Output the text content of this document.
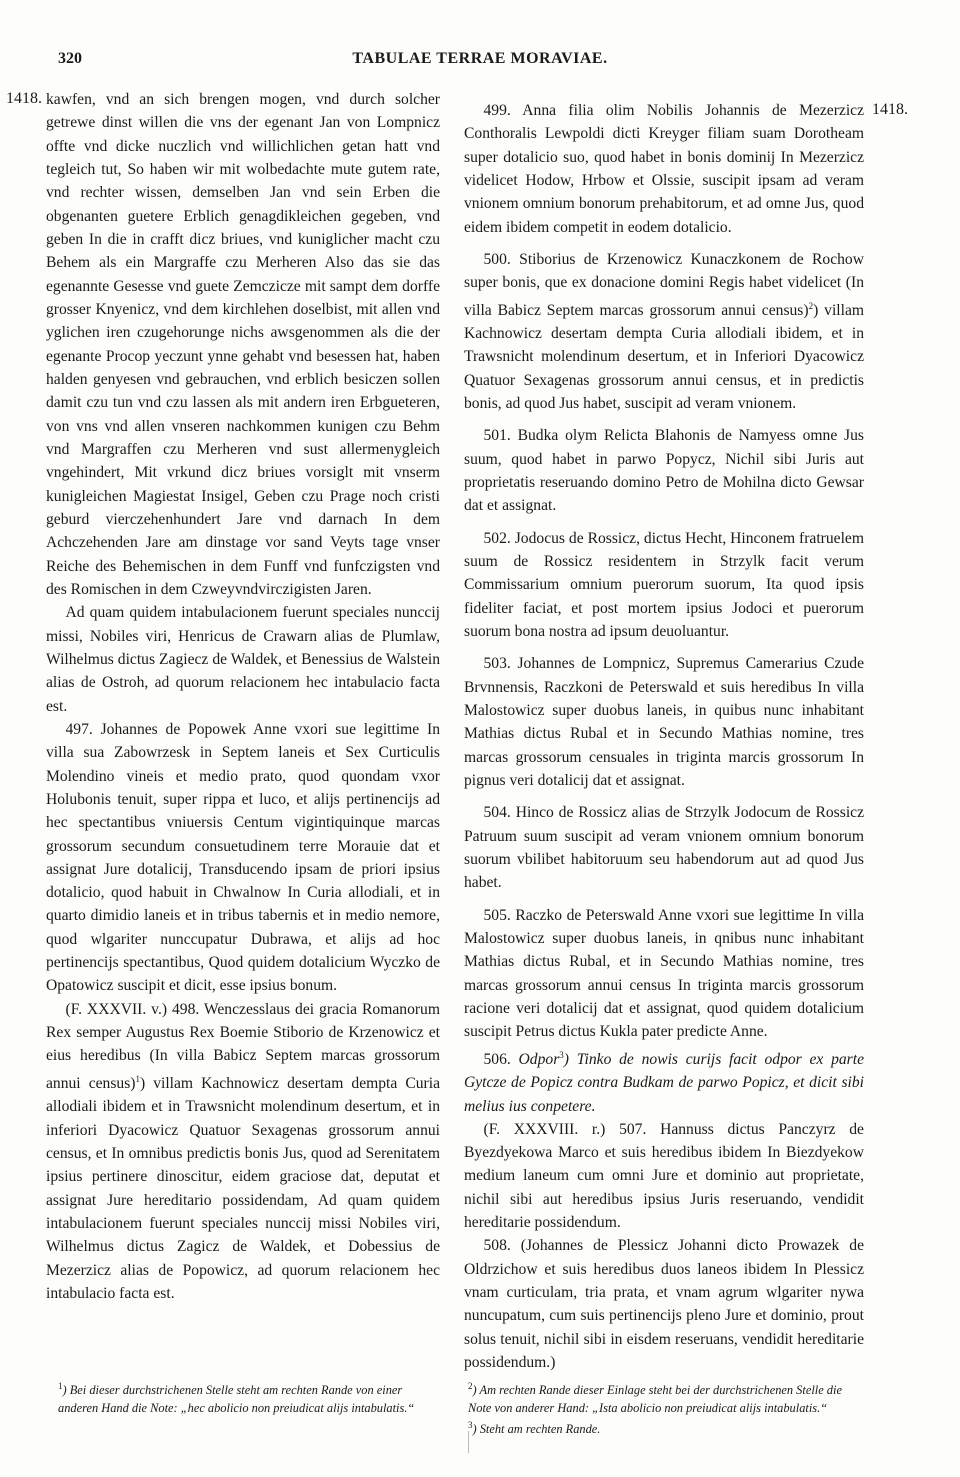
320	TABULAE TERRAE MORAVIAE.
1418.
1418.

kawfen, vnd an sich brengen mogen, vnd durch solcher getrewe dinst willen die vns der egenant Jan von Lompnicz offte vnd dicke nuczlich vnd willichlichen getan hatt vnd tegleich tut, So haben wir mit wolbedachte mute gutem rate, vnd rechter wissen, demselben Jan vnd sein Erben die obgenanten guetere Erblich genagdikleichen gegeben, vnd geben In die in crafft dicz briues, vnd kuniglicher macht czu Behem als ein Margraffe czu Merheren Also das sie das egenannte Gesesse vnd guete Zemczicze mit sampt dem dorffe grosser Knyenicz, vnd dem kirchlehen doselbist, mit allen vnd yglichen iren czugehorunge nichs awsgenommen als die der egenante Procop yeczunt ynne gehabt vnd besessen hat, haben halden genyesen vnd gebrauchen, vnd erblich besiczen sollen damit czu tun vnd czu lassen als mit andern iren Erbgueteren, von vns vnd allen vnseren nachkommen kunigen czu Behm vnd Margraffen czu Merheren vnd sust allermenygleich vngehindert, Mit vrkund dicz briues vorsiglt mit vnserm kunigleichen Magiestat Insigel, Geben czu Prage noch cristi geburd vierczehenhundert Jare vnd darnach In dem Achczehenden Jare am dinstage vor sand Veyts tage vnser Reiche des Behemischen in dem Funff vnd funfczigsten vnd des Romischen in dem Czweyvndvirczigisten Jaren.

Ad quam quidem intabulacionem fuerunt speciales nunccij missi, Nobiles viri, Henricus de Crawarn alias de Plumlaw, Wilhelmus dictus Zagiecz de Waldek, et Benessius de Walstein alias de Ostroh, ad quorum relacionem hec intabulacio facta est.

497. Johannes de Popowek Anne vxori sue legittime In villa sua Zabowrzesk in Septem laneis et Sex Curticulis Molendino vineis et medio prato, quod quondam vxor Holubonis tenuit, super rippa et luco, et alijs pertinencijs ad hec spectantibus vniuersis Centum vigintiquinque marcas grossorum secundum consuetudinem terre Morauie dat et assignat Jure dotalicij, Transducendo ipsam de priori ipsius dotalicio, quod habuit in Chwalnow In Curia allodiali, et in quarto dimidio laneis et in tribus tabernis et in medio nemore, quod wlgariter nunccupatur Dubrawa, et alijs ad hoc pertinencijs spectantibus, Quod quidem dotalicium Wyczko de Opatowicz suscipit et dicit, esse ipsius bonum.

(F. XXXVII. v.) 498. Wenczesslaus dei gracia Romanorum Rex semper Augustus Rex Boemie Stiborio de Krzenowicz et eius heredibus (In villa Babicz Septem marcas grossorum annui census)$^1$) villam Kachnowicz desertam dempta Curia allodiali ibidem et in Trawsnicht molendinum desertum, et in inferiori Dyacowicz Quatuor Sexagenas grossorum annui census, et In omnibus predictis bonis Jus, quod ad Serenitatem ipsius pertinere dinoscitur, eidem graciose dat, deputat et assignat Jure hereditario possidendam, Ad quam quidem intabulacionem fuerunt speciales nunccij missi Nobiles viri, Wilhelmus dictus Zagicz de Waldek, et Dobessius de Mezerzicz alias de Popowicz, ad quorum relacionem hec intabulacio facta est.

499. Anna filia olim Nobilis Johannis de Mezerzicz Conthoralis Lewpoldi dicti Kreyger filiam suam Dorotheam super dotalicio suo, quod habet in bonis dominij In Mezerzicz videlicet Hodow, Hrbow et Olssie, suscipit ipsam ad veram vnionem omnium bonorum prehabitorum, et ad omne Jus, quod eidem ibidem competit in eodem dotalicio.

500. Stiborius de Krzenowicz Kunaczkonem de Rochow super bonis, que ex donacione domini Regis habet videlicet (In villa Babicz Septem marcas grossorum annui census)$^2$) villam Kachnowicz desertam dempta Curia allodiali ibidem, et in Trawsnicht molendinum desertum, et in Inferiori Dyacowicz Quatuor Sexagenas grossorum annui census, et in predictis bonis, ad quod Jus habet, suscipit ad veram vnionem.

501. Budka olym Relicta Blahonis de Namyess omne Jus suum, quod habet in parwo Popycz, Nichil sibi Juris aut proprietatis reseruando domino Petro de Mohilna dicto Gewsar dat et assignat.

502. Jodocus de Rossicz, dictus Hecht, Hinconem fratruelem suum de Rossicz residentem in Strzylk facit verum Commissarium omnium puerorum suorum, Ita quod ipsis fideliter faciat, et post mortem ipsius Jodoci et puerorum suorum bona nostra ad ipsum deuoluantur.

503. Johannes de Lompnicz, Supremus Camerarius Czude Brvnnensis, Raczkoni de Peterswald et suis heredibus In villa Malostowicz super duobus laneis, in quibus nunc inhabitant Mathias dictus Rubal et in Secundo Mathias nomine, tres marcas grossorum censuales in triginta marcis grossorum In pignus veri dotalicij dat et assignat.

504. Hinco de Rossicz alias de Strzylk Jodocum de Rossicz Patruum suum suscipit ad veram vnionem omnium bonorum suorum vbilibet habitoruum seu habendorum aut ad quod Jus habet.

505. Raczko de Peterswald Anne vxori sue legittime In villa Malostowicz super duobus laneis, in qnibus nunc inhabitant Mathias dictus Rubal, et in Secundo Mathias nomine, tres marcas grossorum annui census In triginta marcis grossorum racione veri dotalicij dat et assignat, quod quidem dotalicium suscipit Petrus dictus Kukla pater predicte Anne.

506. Odpor$^3$) Tinko de nowis curijs facit odpor ex parte Gytcze de Popicz contra Budkam de parwo Popicz, et dicit sibi melius ius conpetere.

(F. XXXVIII. r.) 507. Hannuss dictus Panczyrz de Byezdyekowa Marco et suis heredibus ibidem In Biezdyekow medium laneum cum omni Jure et dominio aut proprietate, nichil sibi aut heredibus ipsius Juris reseruando, vendidit hereditarie possidendum.

508. (Johannes de Plessicz Johanni dicto Prowazek de Oldrzichow et suis heredibus duos laneos ibidem In Plessicz vnam curticulam, tria prata, et vnam agrum wlgariter nywa nuncupatum, cum suis pertinencijs pleno Jure et dominio, prout solus tenuit, nichil sibi in eisdem reseruans, vendidit hereditarie possidendum.)

$^1$) Bei dieser durchstrichenen Stelle steht am rechten Rande von einer anderen Hand die Note: „hec abolicio non preiudicat alijs intabulatis.“

$^2$) Am rechten Rande dieser Einlage steht bei der durchstrichenen Stelle die Note von anderer Hand: „Ista abolicio non preiudicat alijs intabulatis.“

$^3$) Steht am rechten Rande.
